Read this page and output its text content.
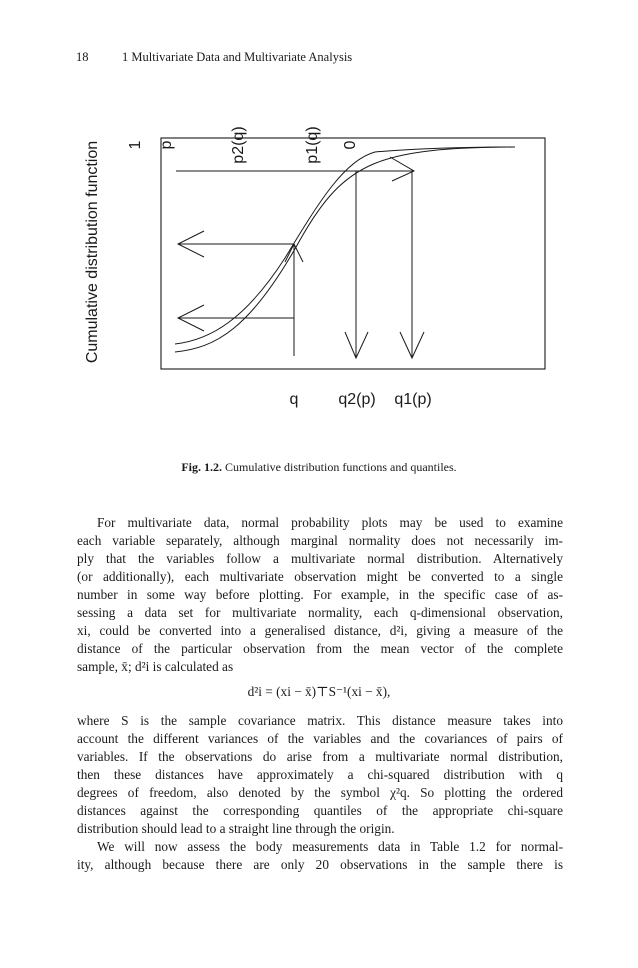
18	1 Multivariate Data and Multivariate Analysis
Cumulative distribution function	0
p1(q)
p2(q)
p
1
q q2(p) q1(p)
Fig. 1.2. Cumulative distribution functions and quantiles.
For multivariate data, normal probability plots may be used to examine
each variable separately, although marginal normality does not necessarily im-
ply that the variables follow a multivariate normal distribution. Alternatively
(or additionally), each multivariate observation might be converted to a single
number in some way before plotting. For example, in the specific case of as-
sessing a data set for multivariate normality, each q-dimensional observation,
xi, could be converted into a generalised distance, d²i, giving a measure of the
distance of the particular observation from the mean vector of the complete
sample, x̄; d²i is calculated as
d²i = (xi − x̄)⊤S⁻¹(xi − x̄),
where S is the sample covariance matrix. This distance measure takes into
account the different variances of the variables and the covariances of pairs of
variables. If the observations do arise from a multivariate normal distribution,
then these distances have approximately a chi-squared distribution with q
degrees of freedom, also denoted by the symbol χ²q. So plotting the ordered
distances against the corresponding quantiles of the appropriate chi-square
distribution should lead to a straight line through the origin.
We will now assess the body measurements data in Table 1.2 for normal-
ity, although because there are only 20 observations in the sample there is
